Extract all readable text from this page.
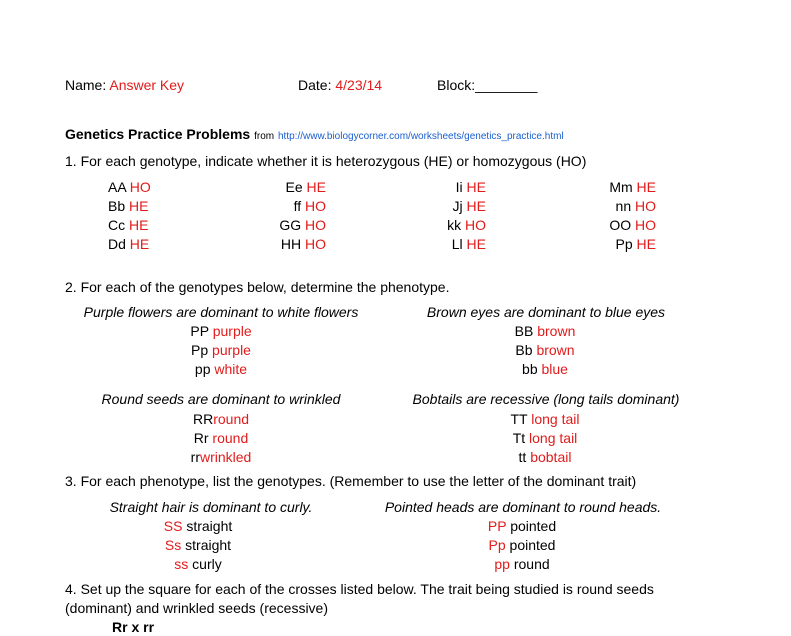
Name: Answer Key	Date: 4/23/14	Block:________
Genetics Practice Problems from http://www.biologycorner.com/worksheets/genetics_practice.html
1. For each genotype, indicate whether it is heterozygous (HE) or homozygous (HO)
AA HO
Bb HE
Cc HE
Dd HE
Ee HE
ff HO
GG HO
HH HO
Ii HE
Jj HE
kk HO
Ll HE
Mm HE
nn HO
OO HO
Pp HE
2. For each of the genotypes below, determine the phenotype.
Purple flowers are dominant to white flowers
PP purple
Pp purple
pp white
Brown eyes are dominant to blue eyes
BB brown
Bb brown
bb blue
Round seeds are dominant to wrinkled
RRround
Rr round
rrwrinkled
Bobtails are recessive (long tails dominant)
TT long tail
Tt long tail
tt bobtail
3. For each phenotype, list the genotypes. (Remember to use the letter of the dominant trait)
Straight hair is dominant to curly.
SS straight
Ss straight
ss curly
Pointed heads are dominant to round heads.
PP pointed
Pp pointed
pp round
4. Set up the square for each of the crosses listed below. The trait being studied is round seeds
(dominant) and wrinkled seeds (recessive)
Rr x rr
